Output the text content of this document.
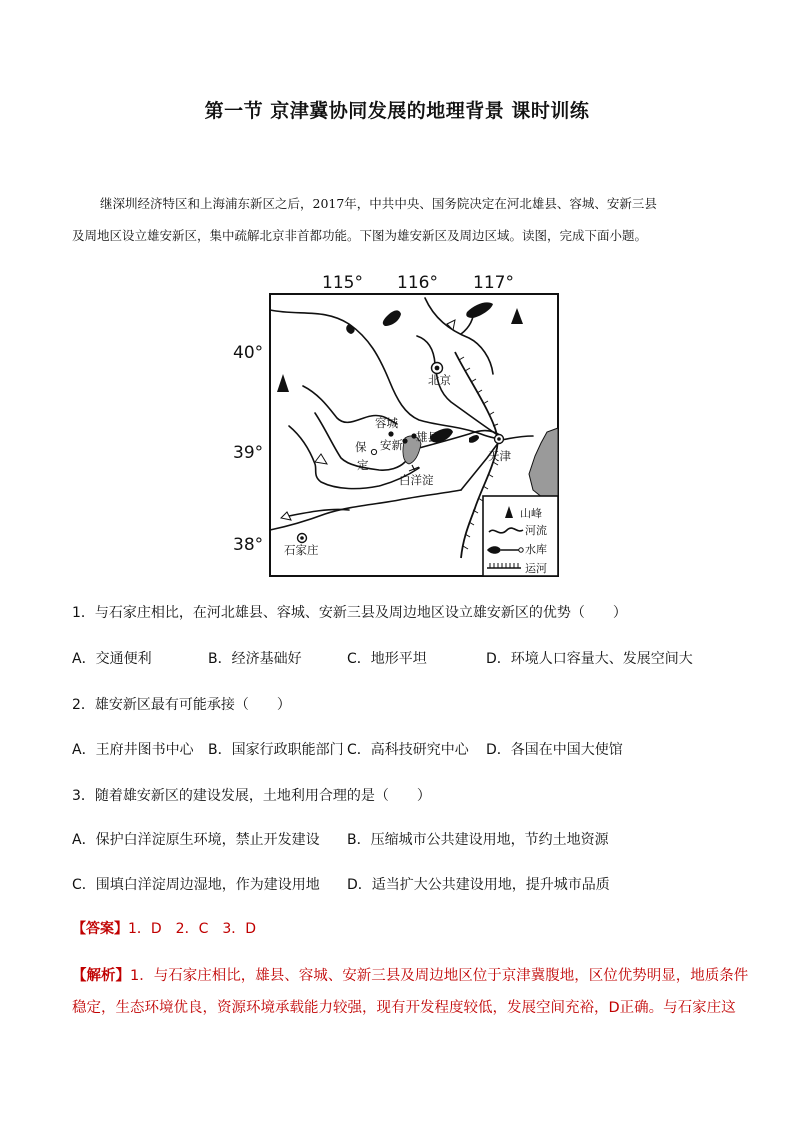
第一节 京津冀协同发展的地理背景 课时训练
继深圳经济特区和上海浦东新区之后，2017年，中共中央、国务院决定在河北雄县、容城、安新三县
及周地区设立雄安新区，集中疏解北京非首都功能。下图为雄安新区及周边区域。读图，完成下面小题。
115° 116° 117°
40°
39°
38°
北京
天津
容城
安新
雄县
保
定
白洋淀
石家庄
山峰
河流
水库
运河
1．与石家庄相比，在河北雄县、容城、安新三县及周边地区设立雄安新区的优势（　　）
A．交通便利	B．经济基础好	C．地形平坦	D．环境人口容量大、发展空间大
2．雄安新区最有可能承接（　　）
A．王府井图书中心 B．国家行政职能部门 C．高科技研究中心 D．各国在中国大使馆
3．随着雄安新区的建设发展，土地利用合理的是（　　）
A．保护白洋淀原生环境，禁止开发建设 B．压缩城市公共建设用地，节约土地资源
C．围填白洋淀周边湿地，作为建设用地 D．适当扩大公共建设用地，提升城市品质
【答案】1．D　2．C　3．D
【解析】1．与石家庄相比，雄县、容城、安新三县及周边地区位于京津冀腹地，区位优势明显，地质条件
稳定，生态环境优良，资源环境承载能力较强，现有开发程度较低，发展空间充裕，D正确。与石家庄这
